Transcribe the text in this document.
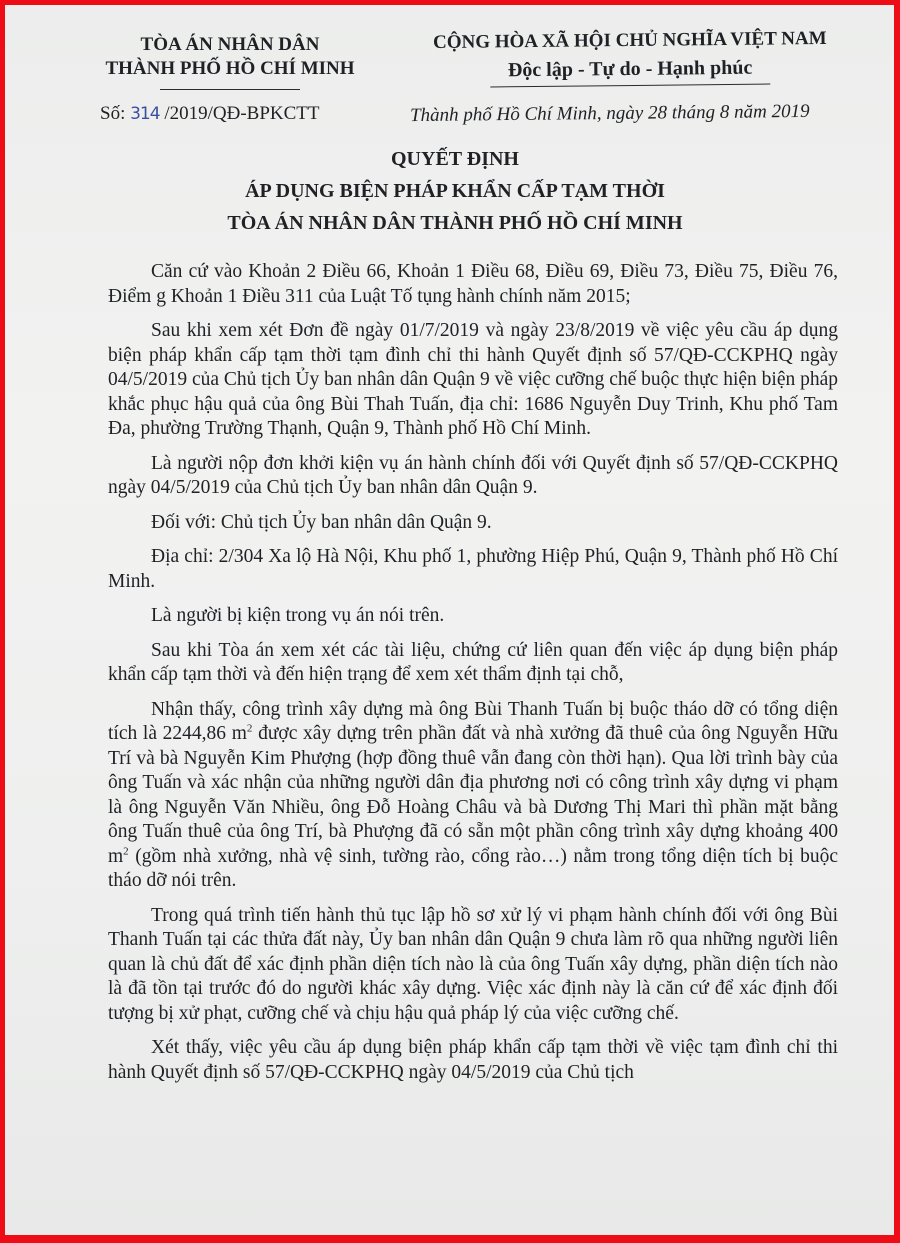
TÒA ÁN NHÂN DÂN
THÀNH PHỐ HỒ CHÍ MINH
CỘNG HÒA XÃ HỘI CHỦ NGHĨA VIỆT NAM
Độc lập - Tự do - Hạnh phúc
Số: 314 /2019/QĐ-BPKCTT	Thành phố Hồ Chí Minh, ngày 28 tháng 8 năm 2019
QUYẾT ĐỊNH
ÁP DỤNG BIỆN PHÁP KHẨN CẤP TẠM THỜI
TÒA ÁN NHÂN DÂN THÀNH PHỐ HỒ CHÍ MINH

Căn cứ vào Khoản 2 Điều 66, Khoản 1 Điều 68, Điều 69, Điều 73, Điều 75, Điều 76, Điểm g Khoản 1 Điều 311 của Luật Tố tụng hành chính năm 2015;

Sau khi xem xét Đơn đề ngày 01/7/2019 và ngày 23/8/2019 về việc yêu cầu áp dụng biện pháp khẩn cấp tạm thời tạm đình chỉ thi hành Quyết định số 57/QĐ-CCKPHQ ngày 04/5/2019 của Chủ tịch Ủy ban nhân dân Quận 9 về việc cưỡng chế buộc thực hiện biện pháp khắc phục hậu quả của ông Bùi Thah Tuấn, địa chỉ: 1686 Nguyễn Duy Trinh, Khu phố Tam Đa, phường Trường Thạnh, Quận 9, Thành phố Hồ Chí Minh.

Là người nộp đơn khởi kiện vụ án hành chính đối với Quyết định số 57/QĐ-CCKPHQ ngày 04/5/2019 của Chủ tịch Ủy ban nhân dân Quận 9.

Đối với: Chủ tịch Ủy ban nhân dân Quận 9.

Địa chỉ: 2/304 Xa lộ Hà Nội, Khu phố 1, phường Hiệp Phú, Quận 9, Thành phố Hồ Chí Minh.

Là người bị kiện trong vụ án nói trên.

Sau khi Tòa án xem xét các tài liệu, chứng cứ liên quan đến việc áp dụng biện pháp khẩn cấp tạm thời và đến hiện trạng để xem xét thẩm định tại chỗ,

Nhận thấy, công trình xây dựng mà ông Bùi Thanh Tuấn bị buộc tháo dỡ có tổng diện tích là 2244,86 $m^2$ được xây dựng trên phần đất và nhà xưởng đã thuê của ông Nguyễn Hữu Trí và bà Nguyễn Kim Phượng (hợp đồng thuê vẫn đang còn thời hạn). Qua lời trình bày của ông Tuấn và xác nhận của những người dân địa phương nơi có công trình xây dựng vi phạm là ông Nguyễn Văn Nhiều, ông Đỗ Hoàng Châu và bà Dương Thị Mari thì phần mặt bằng ông Tuấn thuê của ông Trí, bà Phượng đã có sẵn một phần công trình xây dựng khoảng 400 $m^2$ (gồm nhà xưởng, nhà vệ sinh, tường rào, cổng rào…) nằm trong tổng diện tích bị buộc tháo dỡ nói trên.

Trong quá trình tiến hành thủ tục lập hồ sơ xử lý vi phạm hành chính đối với ông Bùi Thanh Tuấn tại các thửa đất này, Ủy ban nhân dân Quận 9 chưa làm rõ qua những người liên quan là chủ đất để xác định phần diện tích nào là của ông Tuấn xây dựng, phần diện tích nào là đã tồn tại trước đó do người khác xây dựng. Việc xác định này là căn cứ để xác định đối tượng bị xử phạt, cưỡng chế và chịu hậu quả pháp lý của việc cưỡng chế.

Xét thấy, việc yêu cầu áp dụng biện pháp khẩn cấp tạm thời về việc tạm đình chỉ thi hành Quyết định số 57/QĐ-CCKPHQ ngày 04/5/2019 của Chủ tịch
